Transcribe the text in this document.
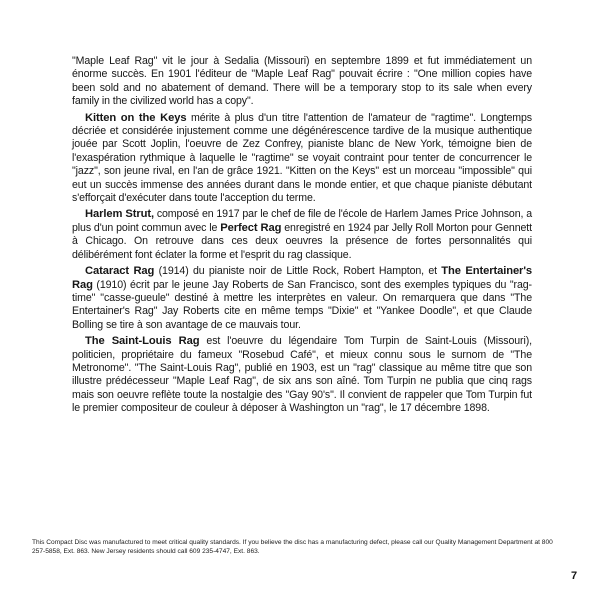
"Maple Leaf Rag" vit le jour à Sedalia (Missouri) en septembre 1899 et fut immédiatement un énorme succès. En 1901 l'éditeur de "Maple Leaf Rag" pouvait écrire : "One million copies have been sold and no abatement of demand. There will be a temporary stop to its sale when every family in the civilized world has a copy".

Kitten on the Keys mérite à plus d'un titre l'attention de l'amateur de "ragtime". Longtemps décriée et considérée injustement comme une dégénérescence tardive de la musique authentique jouée par Scott Joplin, l'oeuvre de Zez Confrey, pianiste blanc de New York, témoigne bien de l'exaspération rythmique à laquelle le "ragtime" se voyait contraint pour tenter de concurrencer le "jazz", son jeune rival, en l'an de grâce 1921. "Kitten on the Keys" est un morceau "impossible" qui eut un succès immense des années durant dans le monde entier, et que chaque pianiste débutant s'efforçait d'exécuter dans toute l'acception du terme.

Harlem Strut, composé en 1917 par le chef de file de l'école de Harlem James Price Johnson, a plus d'un point commun avec le Perfect Rag enregistré en 1924 par Jelly Roll Morton pour Gennett à Chicago. On retrouve dans ces deux oeuvres la présence de fortes personnalités qui délibérément font éclater la forme et l'esprit du rag classique.

Cataract Rag (1914) du pianiste noir de Little Rock, Robert Hampton, et The Entertainer's Rag (1910) écrit par le jeune Jay Roberts de San Francisco, sont des exemples typiques du "rag-time" "casse-gueule" destiné à mettre les interprètes en valeur. On remarquera que dans "The Entertainer's Rag" Jay Roberts cite en même temps "Dixie" et "Yankee Doodle", et que Claude Bolling se tire à son avantage de ce mauvais tour.

The Saint-Louis Rag est l'oeuvre du légendaire Tom Turpin de Saint-Louis (Missouri), politicien, propriétaire du fameux "Rosebud Café", et mieux connu sous le surnom de "The Metronome". "The Saint-Louis Rag", publié en 1903, est un "rag" classique au même titre que son illustre prédécesseur "Maple Leaf Rag", de six ans son aîné. Tom Turpin ne publia que cinq rags mais son oeuvre reflète toute la nostalgie des "Gay 90's". Il convient de rappeler que Tom Turpin fut le premier compositeur de couleur à déposer à Washington un "rag", le 17 décembre 1898.

This Compact Disc was manufactured to meet critical quality standards. If you believe the disc has a manufacturing defect, please call our Quality Management Department at 800 257-5858, Ext. 863. New Jersey residents should call 609 235-4747, Ext. 863.
7
